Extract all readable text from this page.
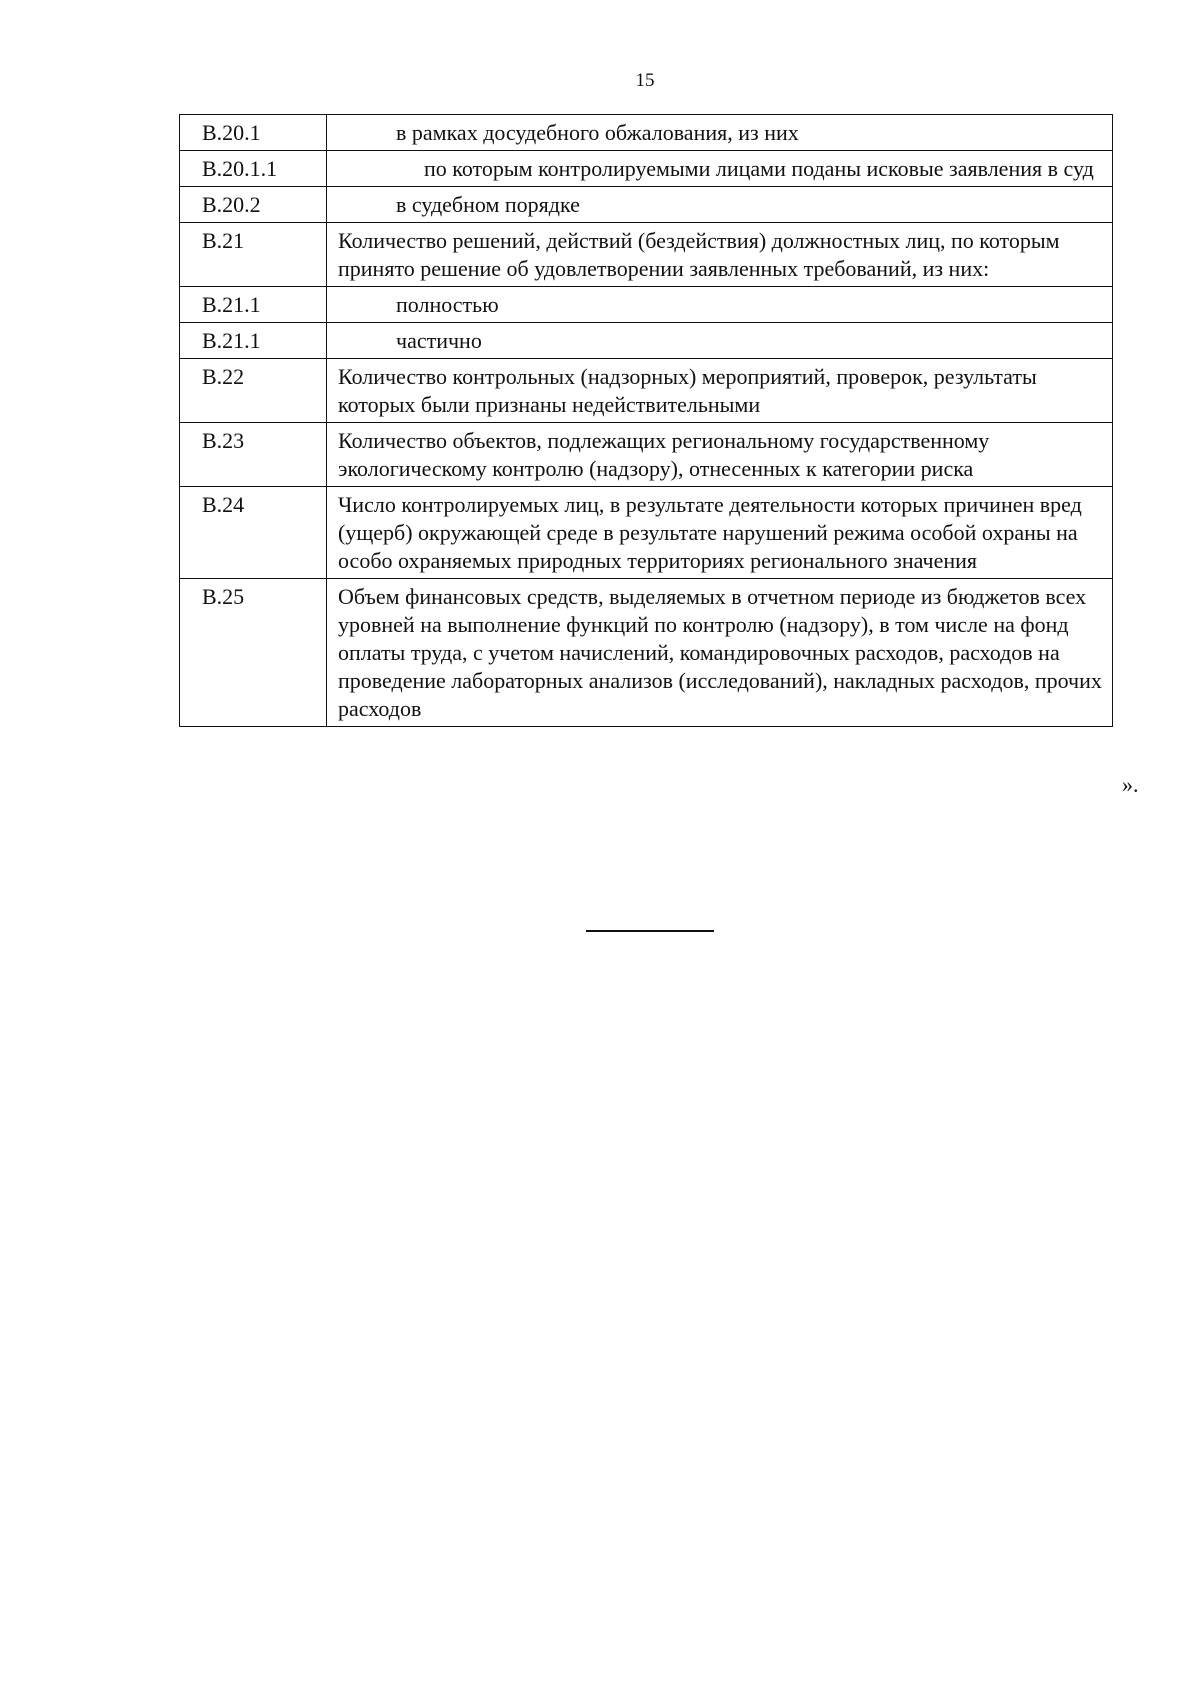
15
В.20.1	в рамках досудебного обжалования, из них

В.20.1.1	по которым контролируемыми лицами поданы исковые заявления в суд

В.20.2	в судебном порядке

В.21	Количество решений, действий (бездействия) должностных лиц, по которым принято решение об удовлетворении заявленных требований, из них:

В.21.1	полностью

В.21.1	частично

В.22	Количество контрольных (надзорных) мероприятий, проверок, результаты которых были признаны недействительными

В.23	Количество объектов, подлежащих региональному государственному экологическому контролю (надзору), отнесенных к категории риска

В.24	Число контролируемых лиц, в результате деятельности которых причинен вред (ущерб) окружающей среде в результате нарушений режима особой охраны на особо охраняемых природных территориях регионального значения

В.25	Объем финансовых средств, выделяемых в отчетном периоде из бюджетов всех уровней на выполнение функций по контролю (надзору), в том числе на фонд оплаты труда, с учетом начислений, командировочных расходов, расходов на проведение лабораторных анализов (исследований), накладных расходов, прочих расходов
».
